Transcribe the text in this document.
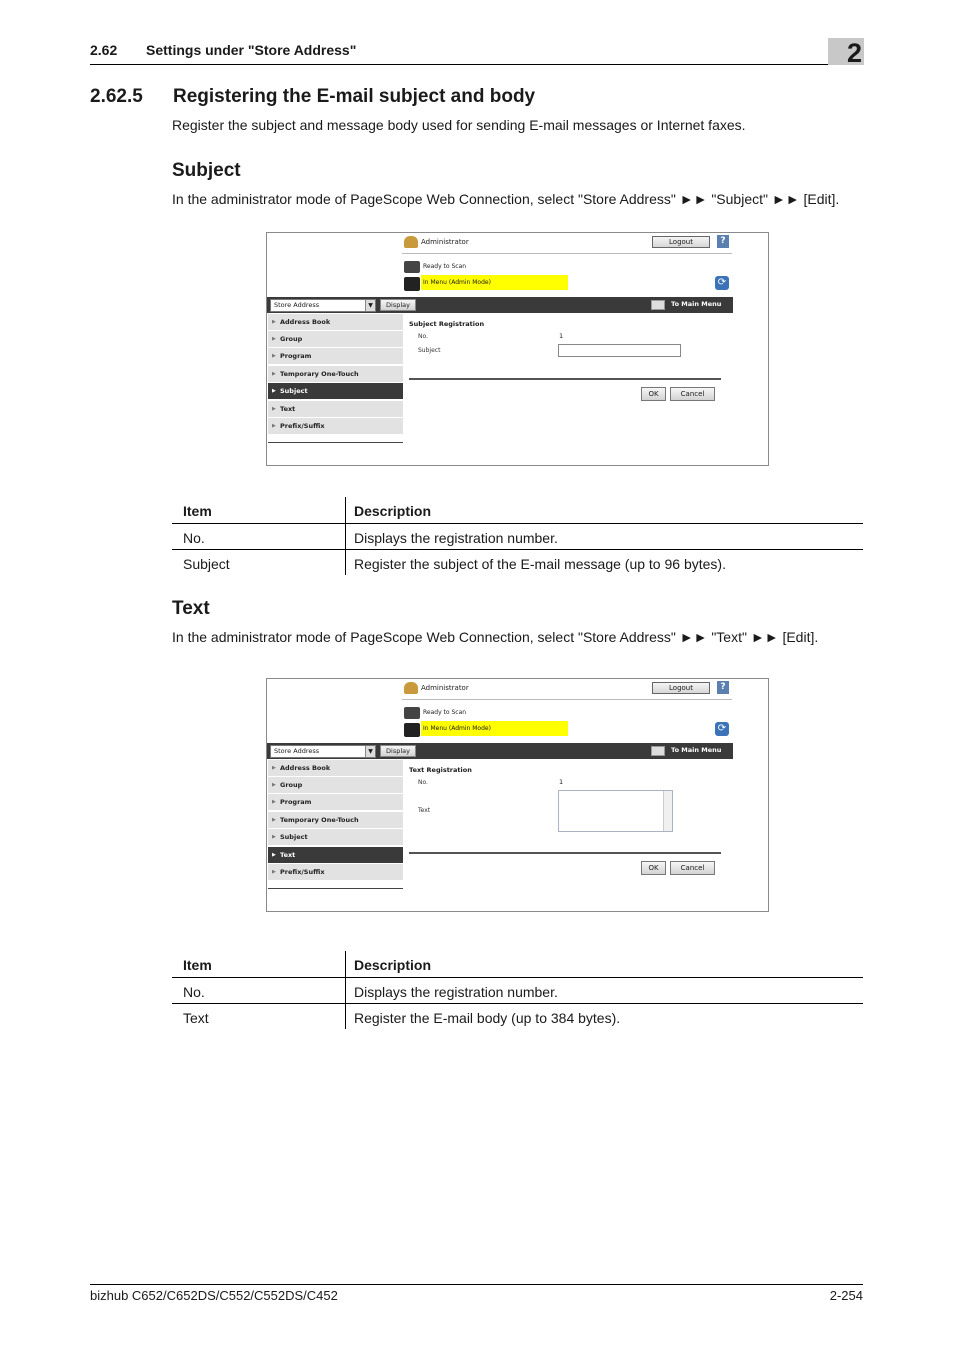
2.62 Settings under "Store Address"	2
2.62.5 Registering the E-mail subject and body
Register the subject and message body used for sending E-mail messages or Internet faxes.
Subject
In the administrator mode of PageScope Web Connection, select "Store Address" ►► "Subject" ►► [Edit].
Administrator	Logout	?
Ready to Scan
In Menu (Admin Mode)	⟳
Store Address	▼	Display	To Main Menu
▶ Address Book
▶ Group
▶ Program
▶ Temporary One-Touch
▶ Subject
▶ Text
▶ Prefix/Suffix
Subject Registration
No.	1
Subject
OK	Cancel
Item	Description
No.	Displays the registration number.
Subject	Register the subject of the E-mail message (up to 96 bytes).
Text
In the administrator mode of PageScope Web Connection, select "Store Address" ►► "Text" ►► [Edit].
Administrator	Logout	?
Ready to Scan
In Menu (Admin Mode)	⟳
Store Address	▼	Display	To Main Menu
▶ Address Book
▶ Group
▶ Program
▶ Temporary One-Touch
▶ Subject
▶ Text
▶ Prefix/Suffix
Text Registration
No.	1
Text
OK	Cancel
Item	Description
No.	Displays the registration number.
Text	Register the E-mail body (up to 384 bytes).
bizhub C652/C652DS/C552/C552DS/C452	2-254
